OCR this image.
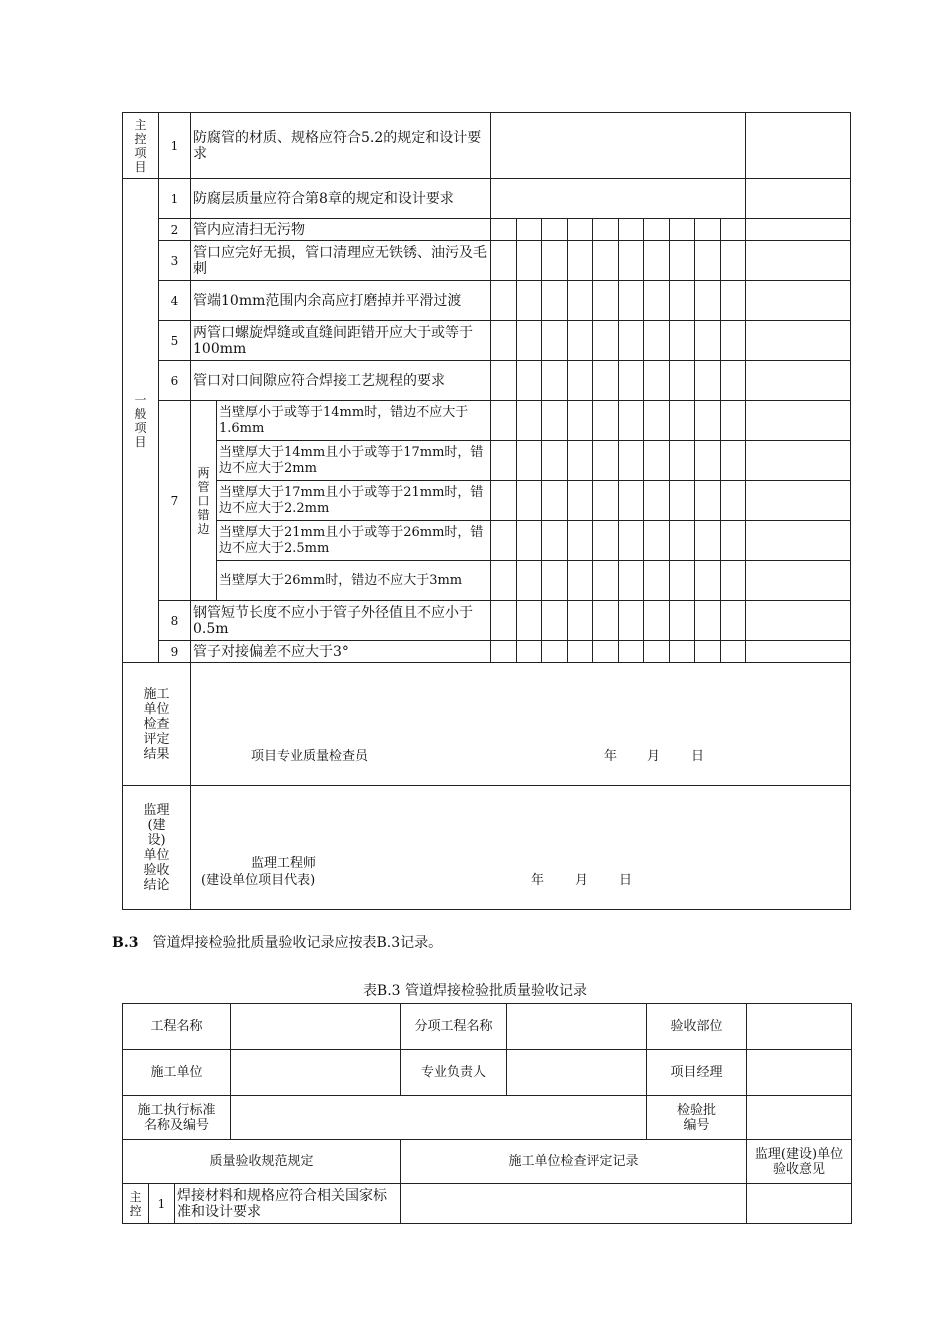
主控项目	1	防腐管的材质、规格应符合5.2的规定和设计要求												
一般项目	1	防腐层质量应符合第8章的规定和设计要求												
	2	管内应清扫无污物												
	3	管口应完好无损，管口清理应无铁锈、油污及毛刺												
	4	管端10mm范围内余高应打磨掉并平滑过渡												
	5	两管口螺旋焊缝或直缝间距错开应大于或等于100mm												
	6	管口对口间隙应符合焊接工艺规程的要求												
	7	两管口错边	当壁厚小于或等于14mm时，错边不应大于1.6mm											
			当壁厚大于14mm且小于或等于17mm时，错边不应大于2mm											
			当壁厚大于17mm且小于或等于21mm时，错边不应大于2.2mm											
			当壁厚大于21mm且小于或等于26mm时，错边不应大于2.5mm											
			当壁厚大于26mm时，错边不应大于3mm											
	8	钢管短节长度不应小于管子外径值且不应小于0.5m												
	9	管子对接偏差不应大于3°												
施工单位检查评定结果		项目专业质量检查员 年 月 日												

监理(建设)单位验收结论		监理工程师
(建设单位项目代表) 年 月 日												
B.3 管道焊接检验批质量验收记录应按表B.3记录。
表B.3 管道焊接检验批质量验收记录
工程名称				分项工程名称		验收部位	
施工单位				专业负责人		项目经理	
施工执行标准名称及编号						检验批编号	
质量验收规范规定				施工单位检查评定记录			监理(建设)单位验收意见
主控	1	焊接材料和规格应符合相关国家标准和设计要求					
